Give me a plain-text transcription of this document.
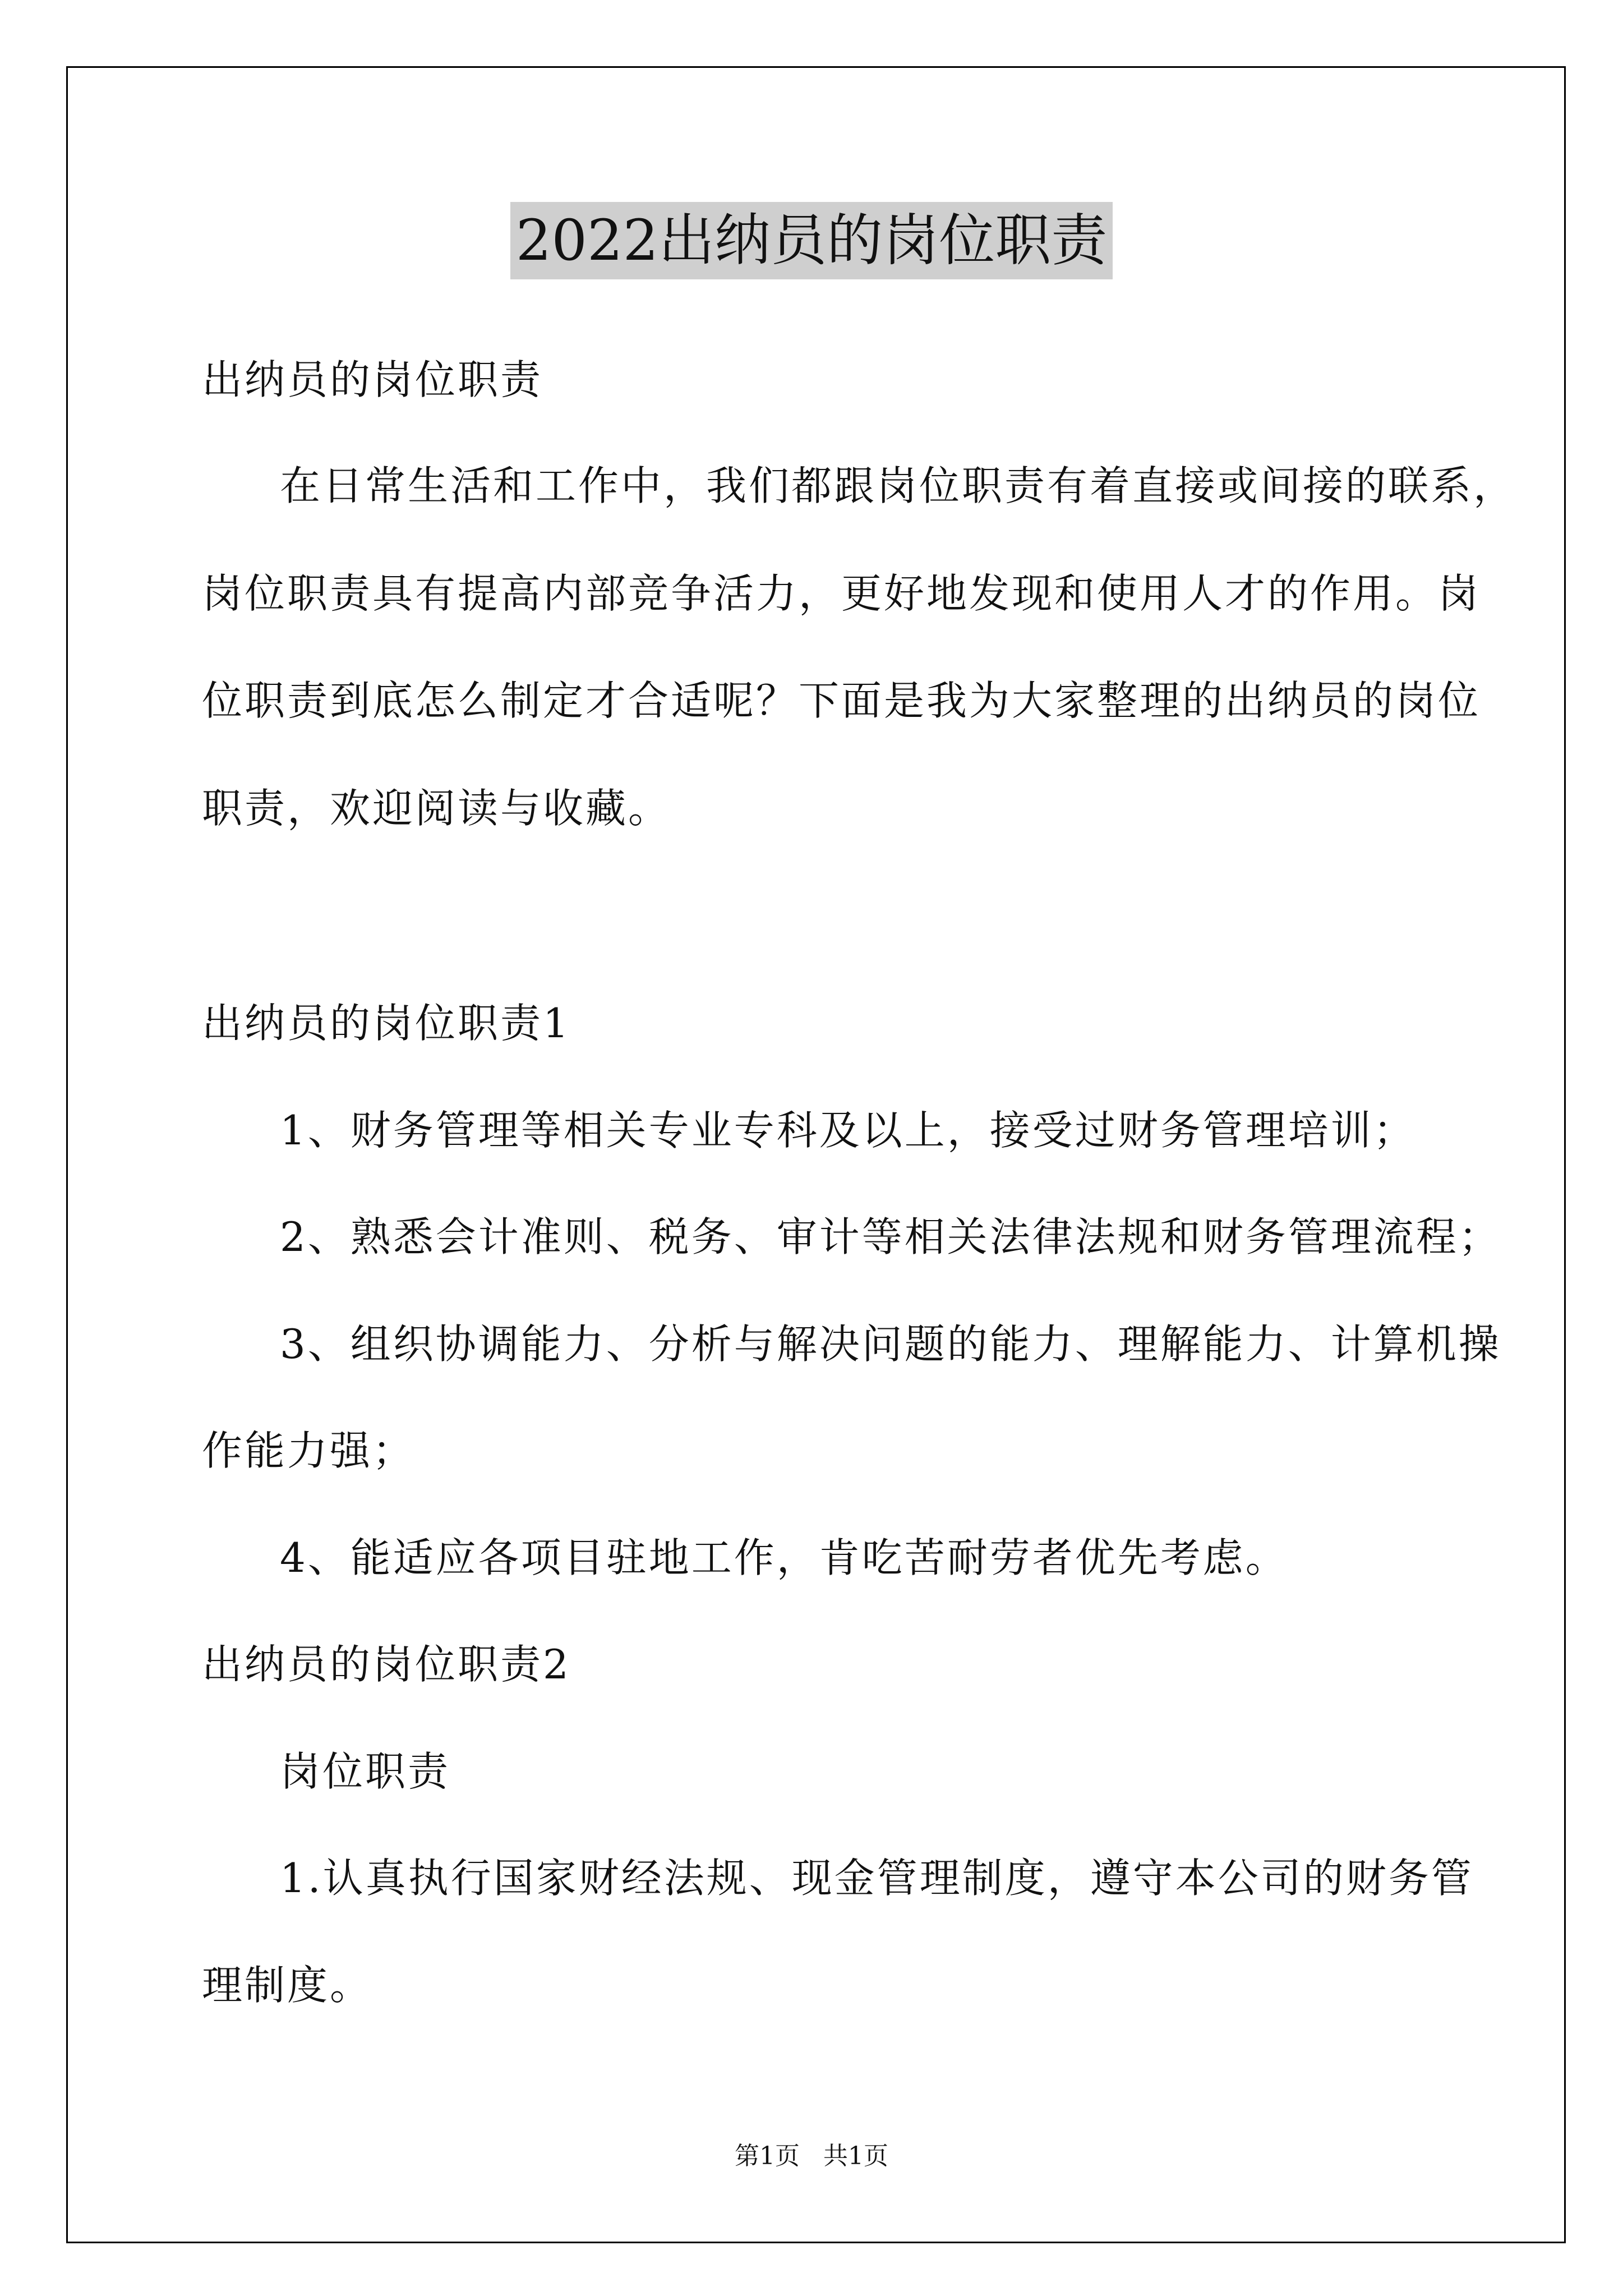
2022出纳员的岗位职责
出纳员的岗位职责
在日常生活和工作中，我们都跟岗位职责有着直接或间接的联系，
岗位职责具有提高内部竞争活力，更好地发现和使用人才的作用。岗
位职责到底怎么制定才合适呢？下面是我为大家整理的出纳员的岗位
职责，欢迎阅读与收藏。
出纳员的岗位职责1
1、财务管理等相关专业专科及以上，接受过财务管理培训；
2、熟悉会计准则、税务、审计等相关法律法规和财务管理流程；
3、组织协调能力、分析与解决问题的能力、理解能力、计算机操
作能力强；
4、能适应各项目驻地工作，肯吃苦耐劳者优先考虑。
出纳员的岗位职责2
岗位职责
1.认真执行国家财经法规、现金管理制度，遵守本公司的财务管
理制度。
第1页   共1页
